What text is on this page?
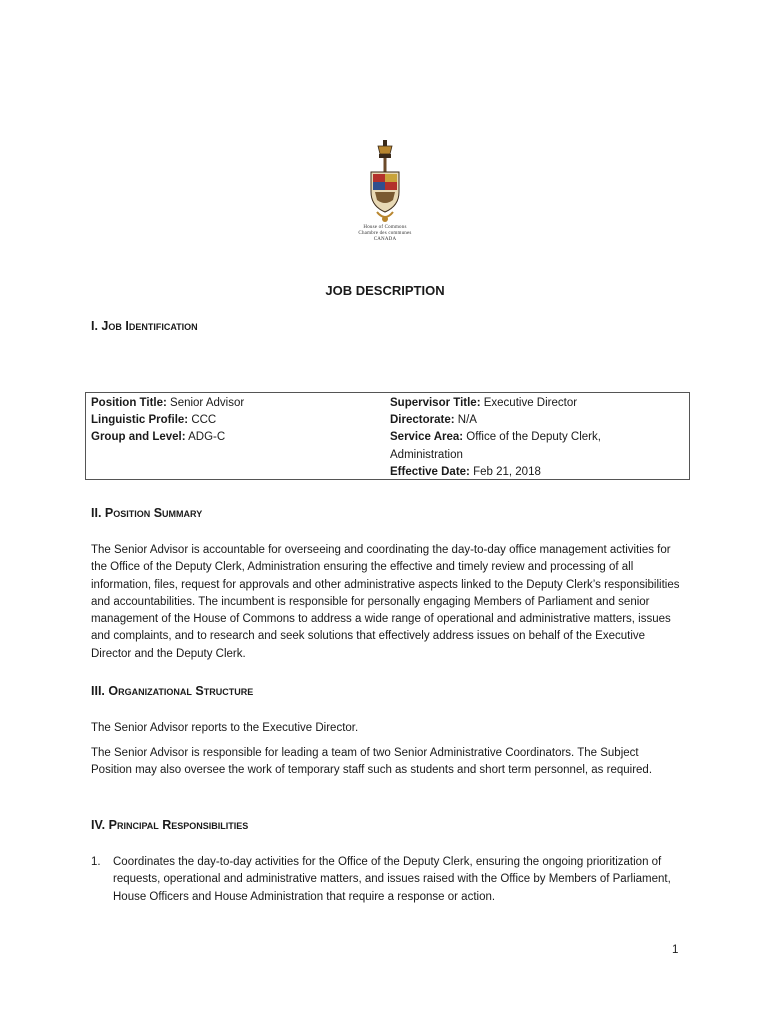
House of Commons
Chambre des communes
CANADA
JOB DESCRIPTION
I. Job Identification
Position Title: Senior Advisor
Linguistic Profile: CCC
Group and Level: ADG-C
Supervisor Title: Executive Director
Directorate: N/A
Service Area: Office of the Deputy Clerk, Administration
Effective Date: Feb 21, 2018
II. Position Summary
The Senior Advisor is accountable for overseeing and coordinating the day-to-day office management activities for the Office of the Deputy Clerk, Administration ensuring the effective and timely review and processing of all information, files, request for approvals and other administrative aspects linked to the Deputy Clerk’s responsibilities and accountabilities. The incumbent is responsible for personally engaging Members of Parliament and senior management of the House of Commons to address a wide range of operational and administrative matters, issues and complaints, and to research and seek solutions that effectively address issues on behalf of the Executive Director and the Deputy Clerk.
III. Organizational Structure
The Senior Advisor reports to the Executive Director.
The Senior Advisor is responsible for leading a team of two Senior Administrative Coordinators. The Subject Position may also oversee the work of temporary staff such as students and short term personnel, as required.
IV. Principal Responsibilities
1. Coordinates the day-to-day activities for the Office of the Deputy Clerk, ensuring the ongoing prioritization of requests, operational and administrative matters, and issues raised with the Office by Members of Parliament, House Officers and House Administration that require a response or action.
1
